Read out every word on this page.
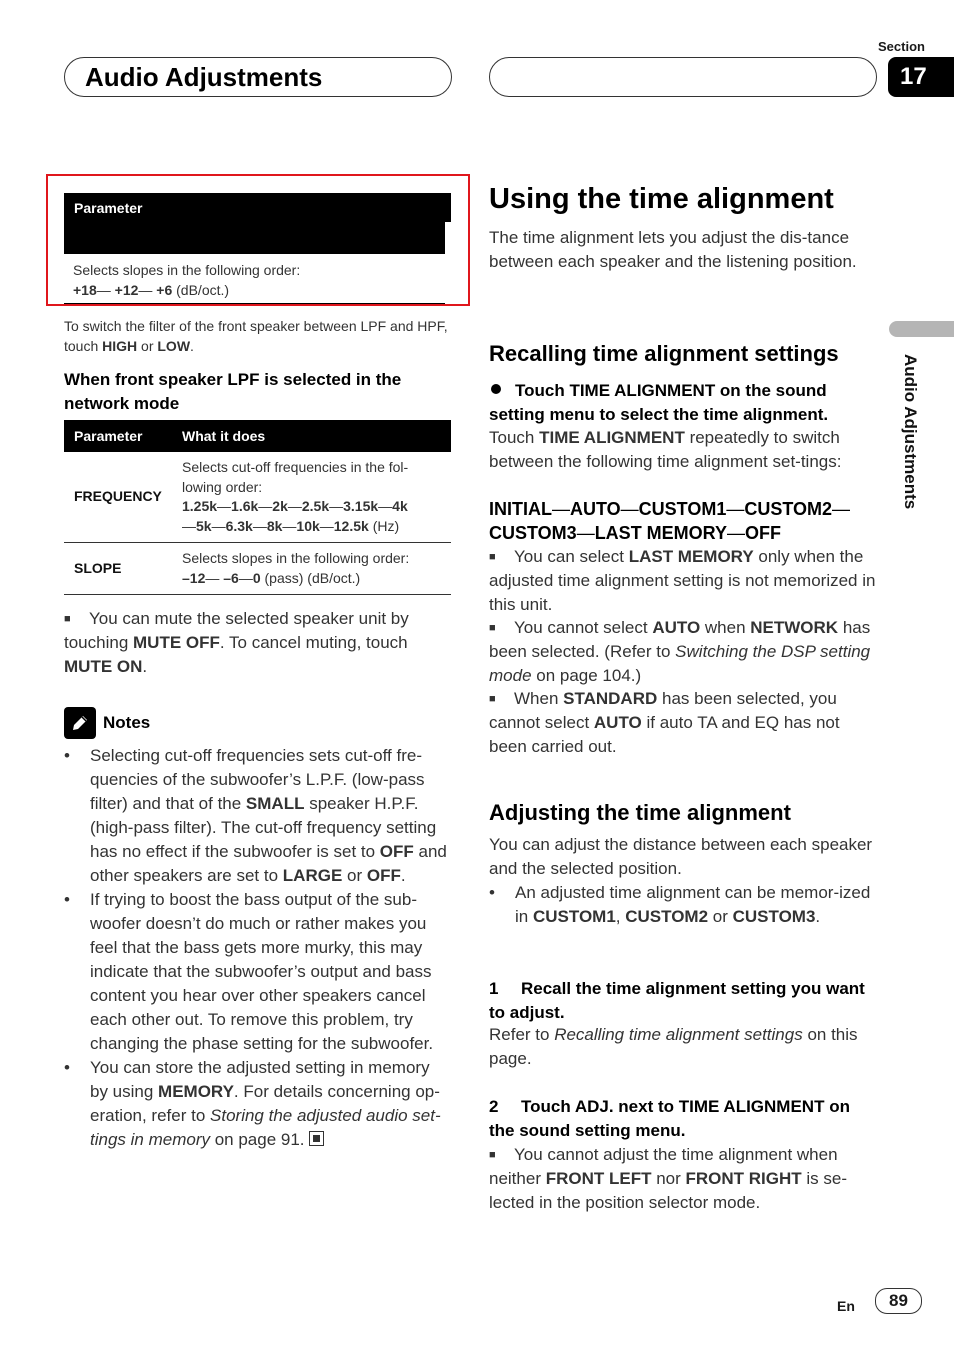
Audio Adjustments
Section
17
Audio Adjustments
Parameter
Selects slopes in the following order:
+18— +12— +6 (dB/oct.)
To switch the filter of the front speaker between LPF and HPF, touch HIGH or LOW.
When front speaker LPF is selected in the network mode
Parameter	What it does
FREQUENCY	Selects cut-off frequencies in the fol-lowing order:
1.25k—1.6k—2k—2.5k—3.15k—4k
—5k—6.3k—8k—10k—12.5k (Hz)
SLOPE	Selects slopes in the following order:
–12— –6—0 (pass) (dB/oct.)
■ You can mute the selected speaker unit by touching MUTE OFF. To cancel muting, touch MUTE ON.
Notes
• Selecting cut-off frequencies sets cut-off fre-quencies of the subwoofer’s L.P.F. (low-pass filter) and that of the SMALL speaker H.P.F. (high-pass filter). The cut-off frequency setting has no effect if the subwoofer is set to OFF and other speakers are set to LARGE or OFF.
• If trying to boost the bass output of the sub-woofer doesn’t do much or rather makes you feel that the bass gets more murky, this may indicate that the subwoofer’s output and bass content you hear over other speakers cancel each other out. To remove this problem, try changing the phase setting for the subwoofer.
• You can store the adjusted setting in memory by using MEMORY. For details concerning op-eration, refer to Storing the adjusted audio set-tings in memory on page 91.
Using the time alignment
The time alignment lets you adjust the dis-tance between each speaker and the listening position.
Recalling time alignment settings
Touch TIME ALIGNMENT on the sound setting menu to select the time alignment.
Touch TIME ALIGNMENT repeatedly to switch between the following time alignment set-tings:
INITIAL—AUTO—CUSTOM1—CUSTOM2—
CUSTOM3—LAST MEMORY—OFF
■ You can select LAST MEMORY only when the adjusted time alignment setting is not memorized in this unit.
■ You cannot select AUTO when NETWORK has been selected. (Refer to Switching the DSP setting mode on page 104.)
■ When STANDARD has been selected, you cannot select AUTO if auto TA and EQ has not been carried out.
Adjusting the time alignment
You can adjust the distance between each speaker and the selected position.
• An adjusted time alignment can be memor-ized in CUSTOM1, CUSTOM2 or CUSTOM3.
1 Recall the time alignment setting you want to adjust.
Refer to Recalling time alignment settings on this page.
2 Touch ADJ. next to TIME ALIGNMENT on the sound setting menu.
■ You cannot adjust the time alignment when neither FRONT LEFT nor FRONT RIGHT is se-lected in the position selector mode.
En	89
